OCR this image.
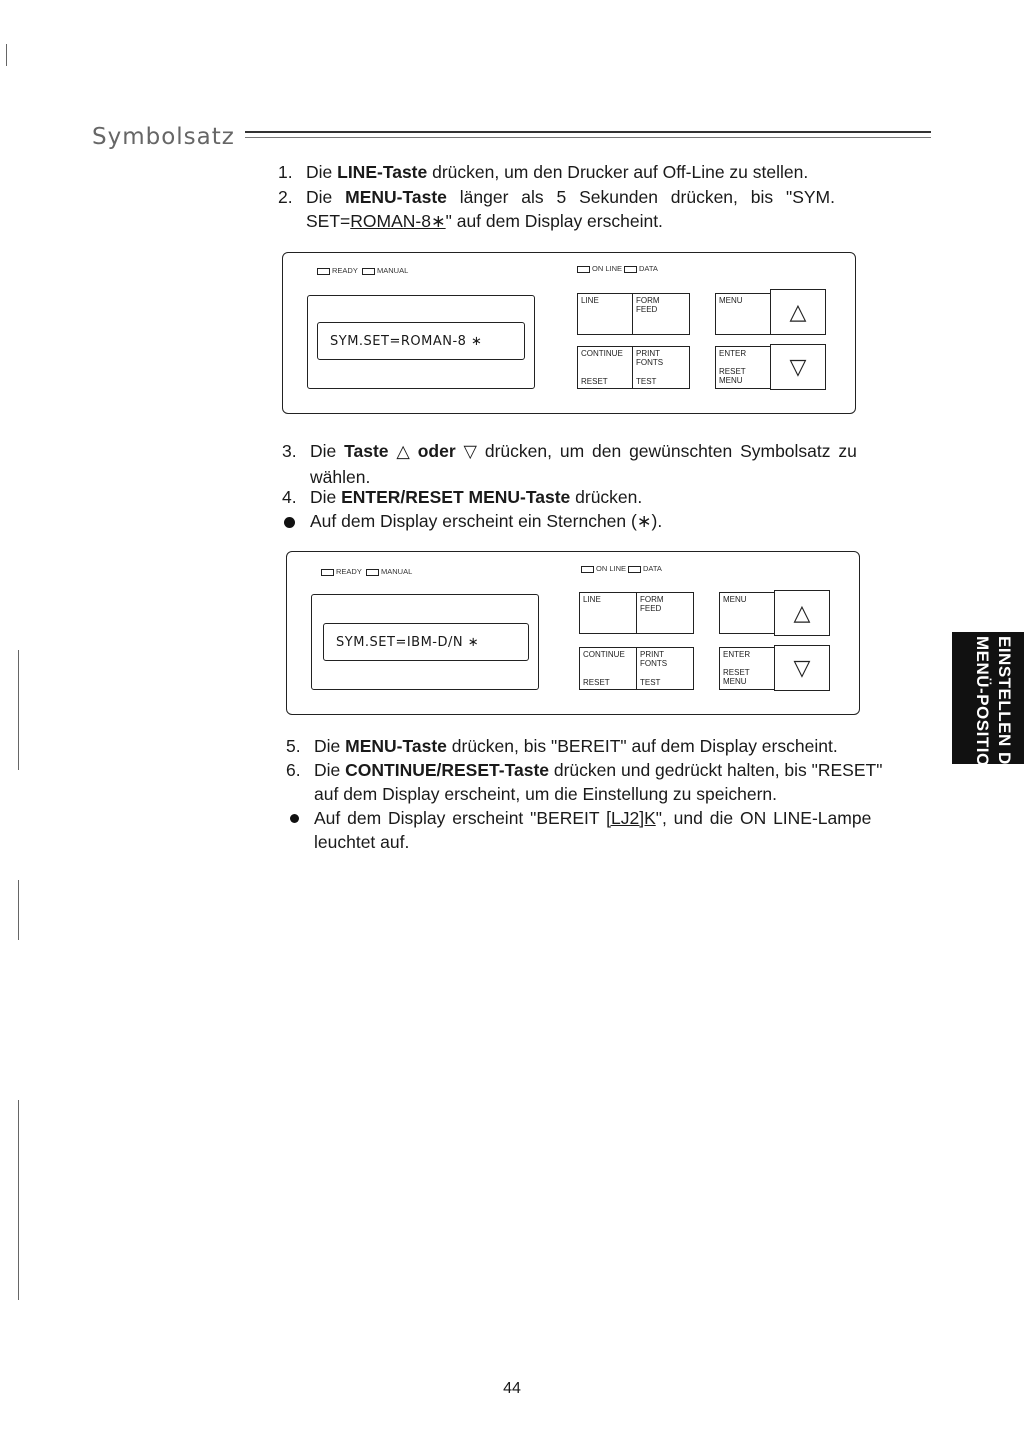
Symbolsatz
1. Die LINE-Taste drücken, um den Drucker auf Off-Line zu stellen.
2. Die MENU-Taste länger als 5 Sekunden drücken, bis "SYM.
SET=ROMAN-8∗" auf dem Display erscheint.
READY	MANUAL	ON LINE DATA
SYM.SET=ROMAN-8 ∗
LINE	FORM
FEED
CONTINUE
RESET
PRINT
FONTS
TEST
MENU	△
ENTER

RESET
MENU
▽
3. Die Taste △ oder ▽ drücken, um den gewünschten Symbolsatz zu
wählen.
4. Die ENTER/RESET MENU-Taste drücken.
Auf dem Display erscheint ein Sternchen (∗).
READY	MANUAL	ON LINE DATA
SYM.SET=IBM-D/N ∗
LINE	FORM
FEED
CONTINUE
RESET
PRINT
FONTS
TEST
MENU
△
ENTER

RESET
MENU
▽
5. Die MENU-Taste drücken, bis "BEREIT" auf dem Display erscheint.
6. Die CONTINUE/RESET-Taste drücken und gedrückt halten, bis "RESET"
auf dem Display erscheint, um die Einstellung zu speichern.
Auf dem Display erscheint "BEREIT [LJ2]K", und die ON LINE-Lampe
leuchtet auf.
EINSTELLEN DER
MENÜ-POSITIONEN
44
